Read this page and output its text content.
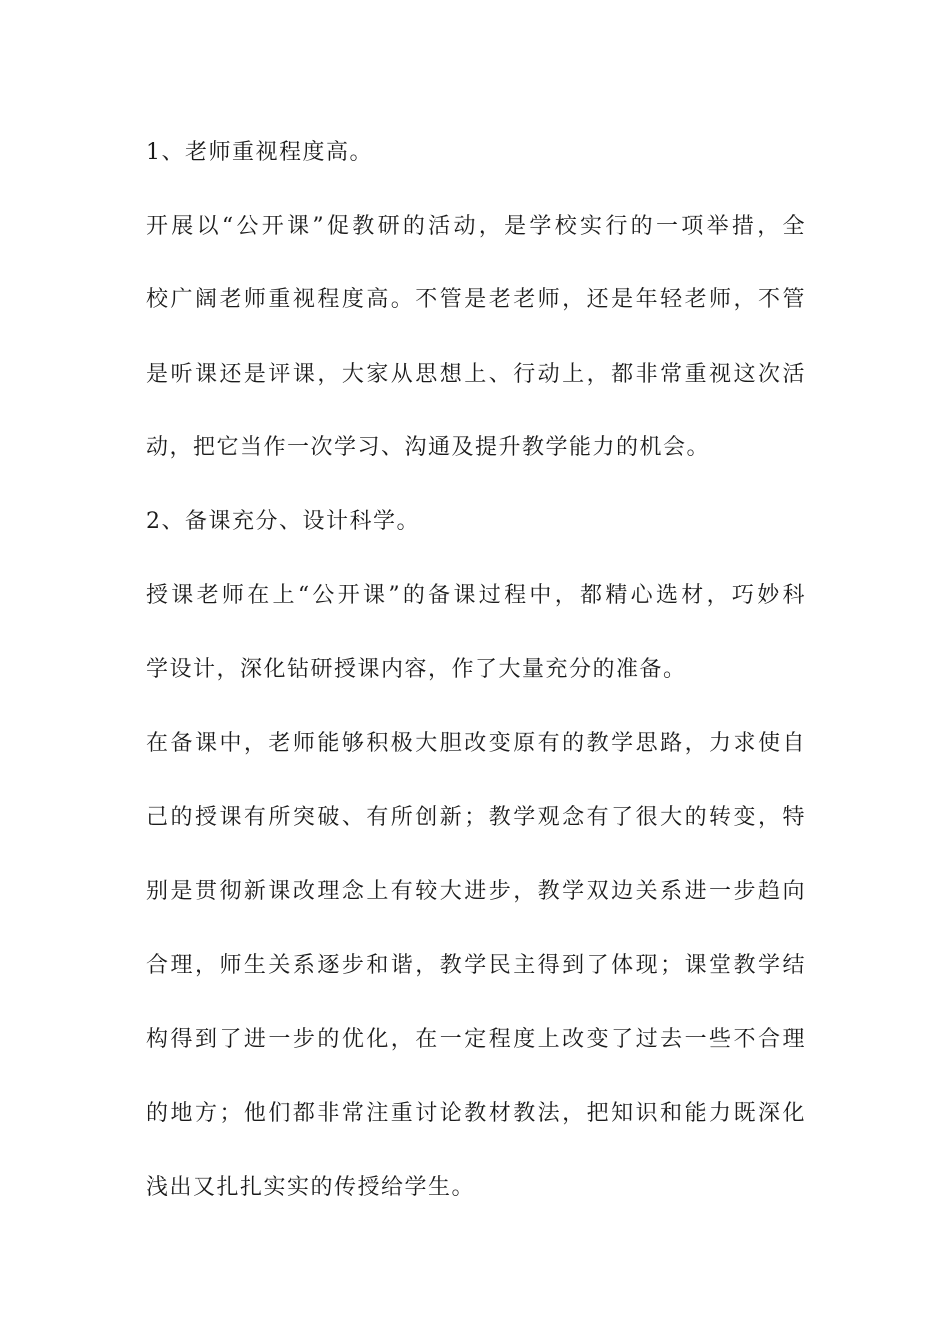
1、老师重视程度高。
开展以“公开课”促教研的活动，是学校实行的一项举措，全
校广阔老师重视程度高。不管是老老师，还是年轻老师，不管
是听课还是评课，大家从思想上、行动上，都非常重视这次活
动，把它当作一次学习、沟通及提升教学能力的机会。
2、备课充分、设计科学。
授课老师在上“公开课”的备课过程中，都精心选材，巧妙科
学设计，深化钻研授课内容，作了大量充分的准备。
在备课中，老师能够积极大胆改变原有的教学思路，力求使自
己的授课有所突破、有所创新；教学观念有了很大的转变，特
别是贯彻新课改理念上有较大进步，教学双边关系进一步趋向
合理，师生关系逐步和谐，教学民主得到了体现；课堂教学结
构得到了进一步的优化，在一定程度上改变了过去一些不合理
的地方；他们都非常注重讨论教材教法，把知识和能力既深化
浅出又扎扎实实的传授给学生。
